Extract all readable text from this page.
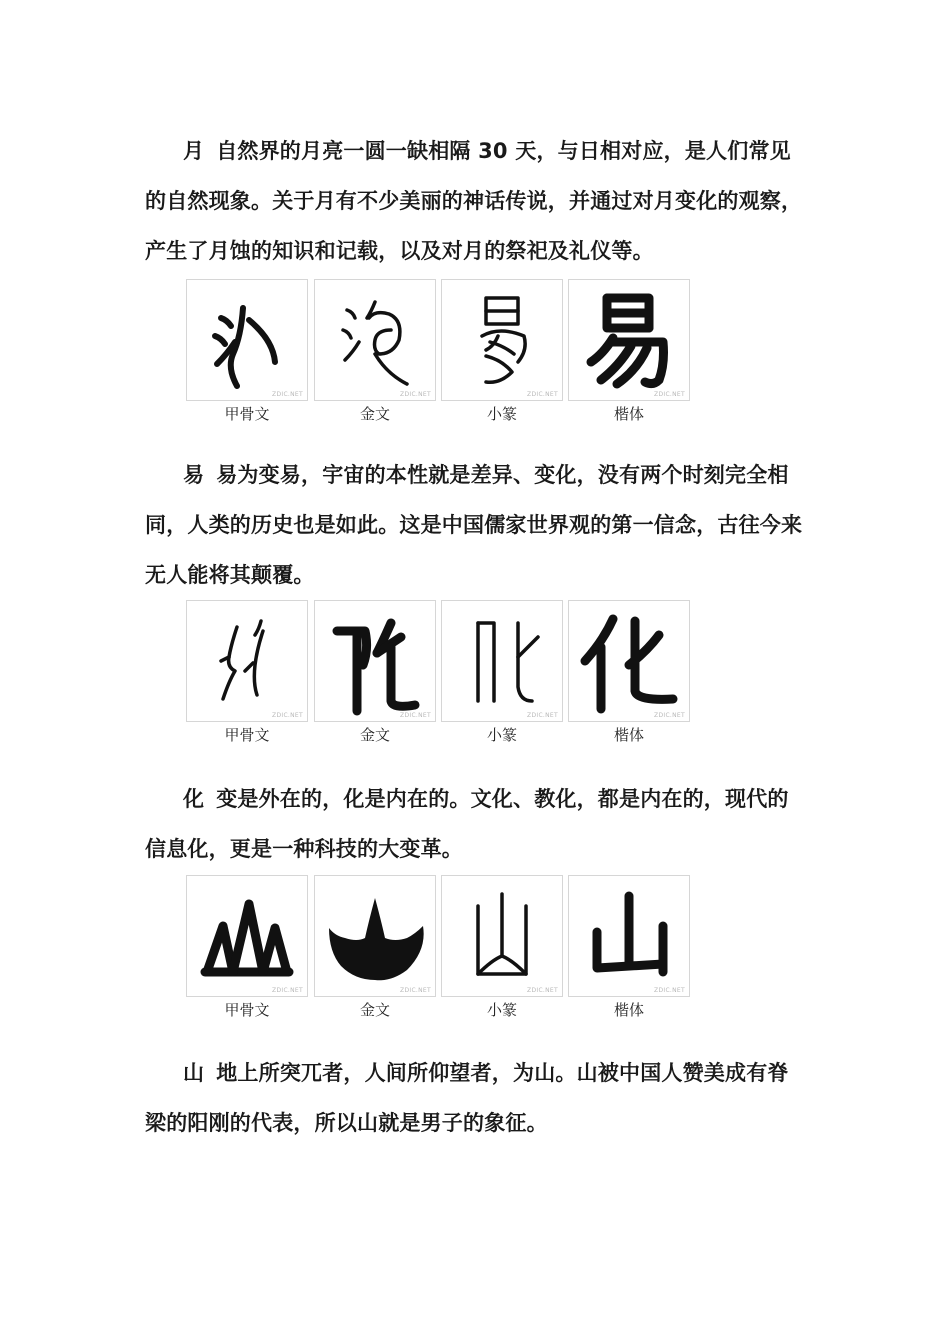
月 自然界的月亮一圆一缺相隔 30 天，与日相对应，是人们常见的自然现象。关于月有不少美丽的神话传说，并通过对月变化的观察，产生了月蚀的知识和记载，以及对月的祭祀及礼仪等。

ZDIC.NET	ZDIC.NET	ZDIC.NET	ZDIC.NET
甲骨文	金文	小篆	楷体

易 易为变易，宇宙的本性就是差异、变化，没有两个时刻完全相同，人类的历史也是如此。这是中国儒家世界观的第一信念，古往今来无人能将其颠覆。

ZDIC.NET	ZDIC.NET	ZDIC.NET	ZDIC.NET
甲骨文	金文	小篆	楷体

化 变是外在的，化是内在的。文化、教化，都是内在的，现代的信息化，更是一种科技的大变革。

ZDIC.NET	ZDIC.NET	ZDIC.NET	ZDIC.NET
甲骨文	金文	小篆	楷体

山 地上所突兀者，人间所仰望者，为山。山被中国人赞美成有脊梁的阳刚的代表，所以山就是男子的象征。
